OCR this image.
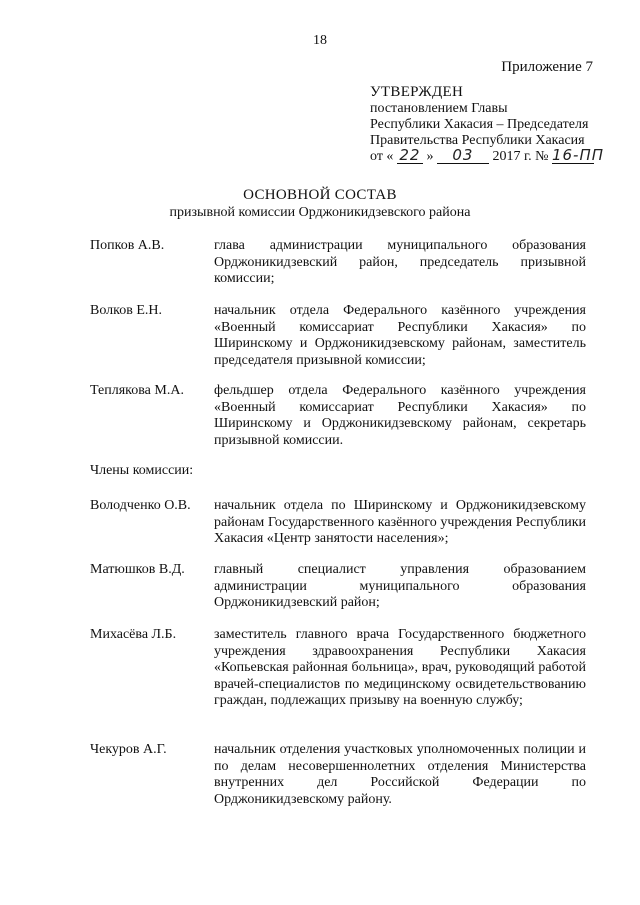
18
Приложение 7
УТВЕРЖДЕН
постановлением Главы
Республики Хакасия – Председателя
Правительства Республики Хакасия
от « 22 » 03 2017 г. № 16-ПП
ОСНОВНОЙ СОСТАВ
призывной комиссии Орджоникидзевского района
Попков А.В.	глава администрации муниципального образования Орджоникидзевский район, председатель призывной комиссии;
Волков Е.Н.	начальник отдела Федерального казённого учреждения «Военный комиссариат Республики Хакасия» по Ширинскому и Орджоникидзевскому районам, заместитель председателя призывной комиссии;
Теплякова М.А. фельдшер отдела Федерального казённого учреждения «Военный комиссариат Республики Хакасия» по Ширинскому и Орджоникидзевскому районам, секретарь призывной комиссии.
Члены комиссии:
Володченко О.В. начальник отдела по Ширинскому и Орджоникидзевскому районам Государственного казённого учреждения Республики Хакасия «Центр занятости населения»;
Матюшков В.Д. главный специалист управления образованием администрации муниципального образования Орджоникидзевский район;
Михасёва Л.Б.	заместитель главного врача Государственного бюджетного учреждения здравоохранения Республики Хакасия «Копьевская районная больница», врач, руководящий работой врачей-специалистов по медицинскому освидетельствованию граждан, подлежащих призыву на военную службу;
Чекуров А.Г.	начальник отделения участковых уполномоченных полиции и по делам несовершеннолетних отделения Министерства внутренних дел Российской Федерации по Орджоникидзевскому району.
